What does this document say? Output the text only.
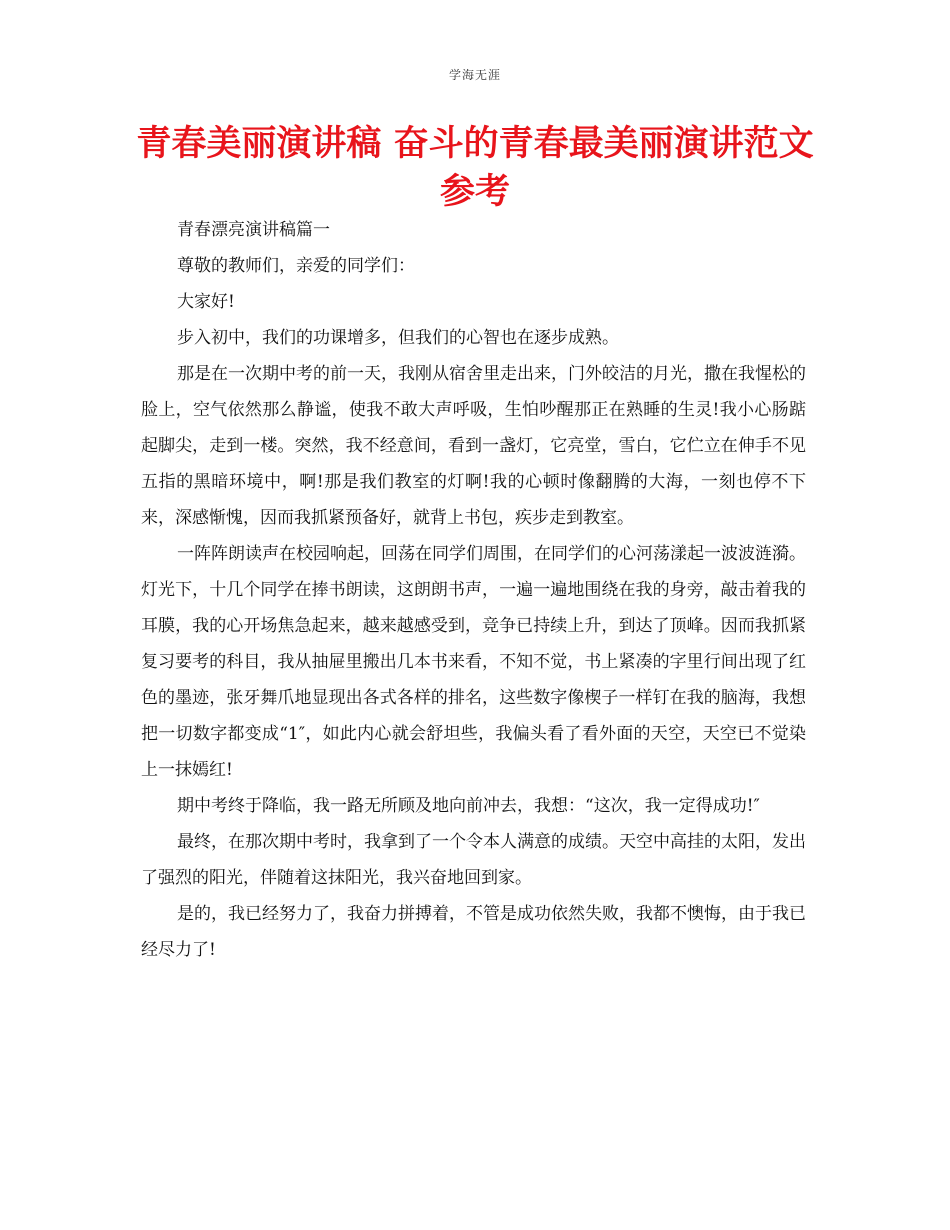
学海无涯
青春美丽演讲稿 奋斗的青春最美丽演讲范文参考

青春漂亮演讲稿篇一

尊敬的教师们，亲爱的同学们：

大家好!

步入初中，我们的功课增多，但我们的心智也在逐步成熟。

那是在一次期中考的前一天，我刚从宿舍里走出来，门外皎洁的月光，撒在我惺松的脸上，空气依然那么静谧，使我不敢大声呼吸，生怕吵醒那正在熟睡的生灵!我小心肠踮起脚尖，走到一楼。突然，我不经意间，看到一盏灯，它亮堂，雪白，它伫立在伸手不见五指的黑暗环境中，啊!那是我们教室的灯啊!我的心顿时像翻腾的大海，一刻也停不下来，深感惭愧，因而我抓紧预备好，就背上书包，疾步走到教室。

一阵阵朗读声在校园响起，回荡在同学们周围，在同学们的心河荡漾起一波波涟漪。灯光下，十几个同学在捧书朗读，这朗朗书声，一遍一遍地围绕在我的身旁，敲击着我的耳膜，我的心开场焦急起来，越来越感受到，竞争已持续上升，到达了顶峰。因而我抓紧复习要考的科目，我从抽屉里搬出几本书来看，不知不觉，书上紧凑的字里行间出现了红色的墨迹，张牙舞爪地显现出各式各样的排名，这些数字像楔子一样钉在我的脑海，我想把一切数字都变成“1″，如此内心就会舒坦些，我偏头看了看外面的天空，天空已不觉染上一抹嫣红!

期中考终于降临，我一路无所顾及地向前冲去，我想：“这次，我一定得成功!″

最终，在那次期中考时，我拿到了一个令本人满意的成绩。天空中高挂的太阳，发出了强烈的阳光，伴随着这抹阳光，我兴奋地回到家。

是的，我已经努力了，我奋力拼搏着，不管是成功依然失败，我都不懊悔，由于我已经尽力了!
